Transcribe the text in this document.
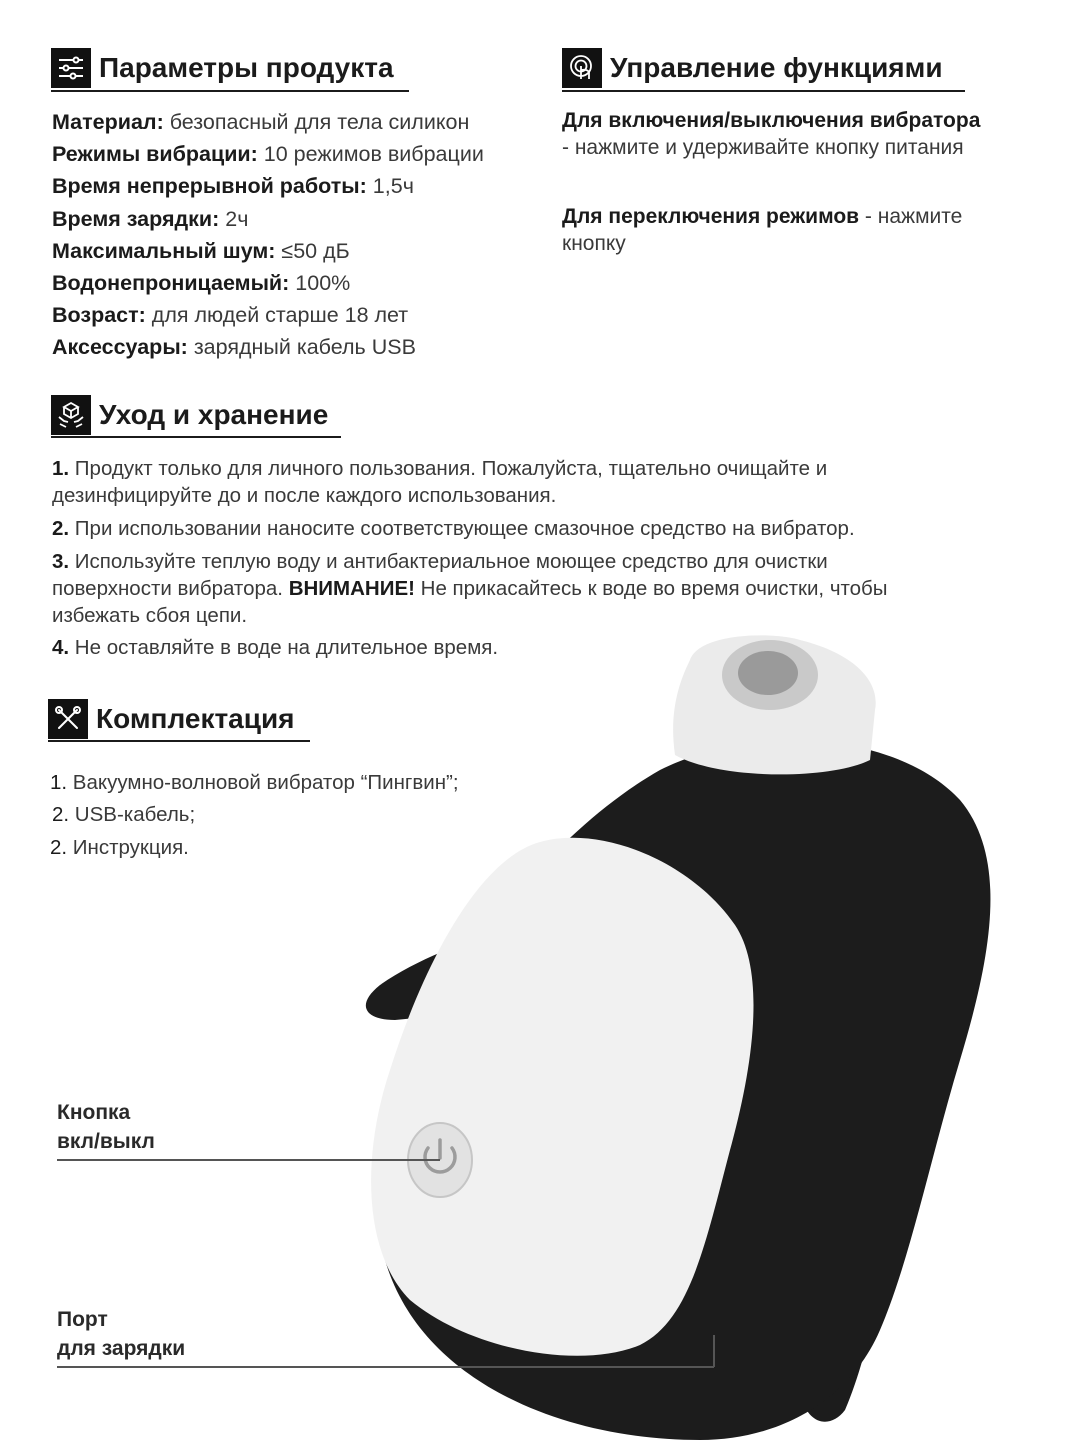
Параметры продукта
Материал: безопасный для тела силикон
Режимы вибрации: 10 режимов вибрации
Время непрерывной работы: 1,5ч
Время зарядки: 2ч
Максимальный шум: ≤50 дБ
Водонепроницаемый: 100%
Возраст: для людей старше 18 лет
Аксессуары: зарядный кабель USB
Управление функциями

Для включения/выключения вибратора - нажмите и удерживайте кнопку питания

Для переключения режимов - нажмите кнопку

Уход и хранение

1. Продукт только для личного пользования. Пожалуйста, тщательно очищайте и дезинфицируйте до и после каждого использования.

2. При использовании наносите соответствующее смазочное средство на вибратор.

3. Используйте теплую воду и антибактериальное моющее средство для очистки поверхности вибратора. ВНИМАНИЕ! Не прикасайтесь к воде во время очистки, чтобы избежать сбоя цепи.

4. Не оставляйте в воде на длительное время.

Комплектация
1. Вакуумно-волновой вибратор “Пингвин”;
2. USB-кабель;
2. Инструкция.
Кнопка
вкл/выкл
Порт
для зарядки
